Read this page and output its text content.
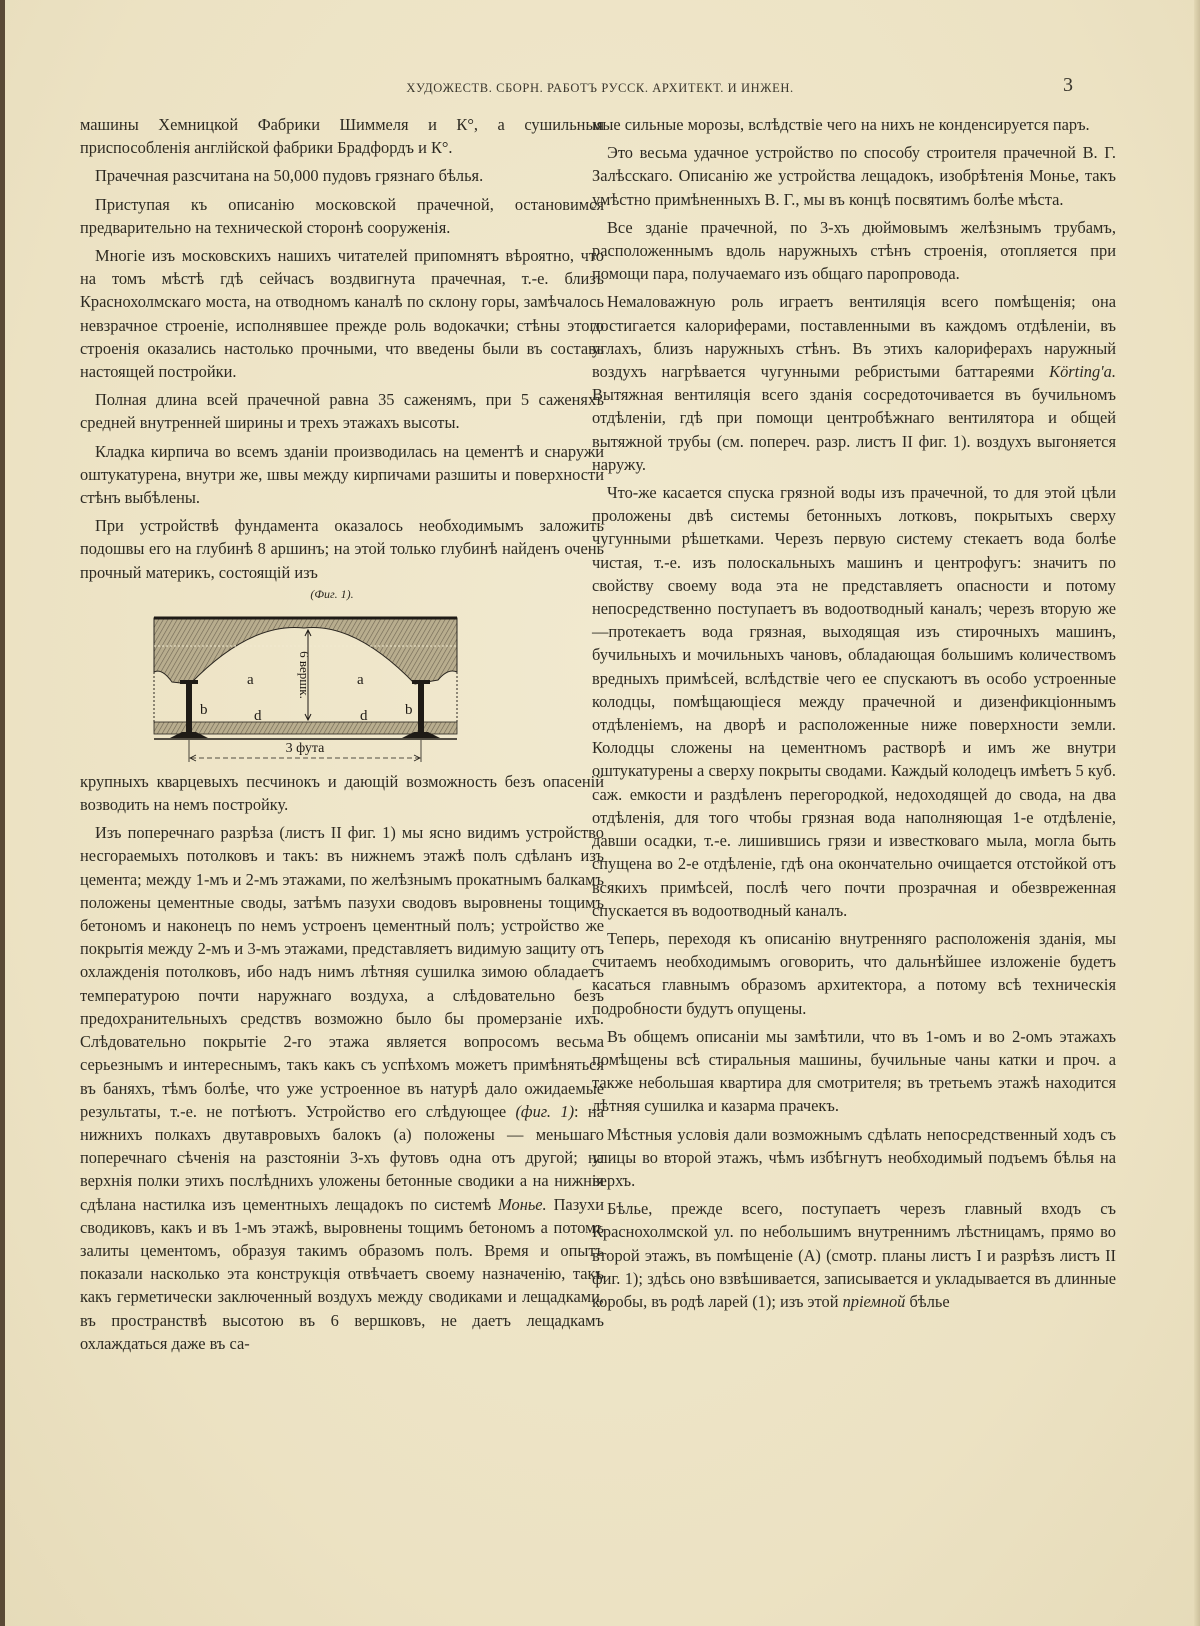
ХУДОЖЕСТВ. СБОРН. РАБОТЪ РУССК. АРХИТЕКТ. И ИНЖЕН.	3

машины Хемницкой Фабрики Шиммеля и К°, а сушильныя приспособленія англійской фабрики Брадфордъ и К°.

Прачечная разсчитана на 50,000 пудовъ грязнаго бѣлья.

Приступая къ описанію московской прачечной, остановимся предварительно на технической сторонѣ сооруженія.

Многіе изъ московскихъ нашихъ читателей припомнятъ вѣроятно, что на томъ мѣстѣ гдѣ сейчасъ воздвигнута прачечная, т.-е. близъ Краснохолмскаго моста, на отводномъ каналѣ по склону горы, замѣчалось невзрачное строеніе, исполнявшее прежде роль водокачки; стѣны этого строенія оказались настолько прочными, что введены были въ составъ настоящей постройки.

Полная длина всей прачечной равна 35 саженямъ, при 5 саженяхъ средней внутренней ширины и трехъ этажахъ высоты.

Кладка кирпича во всемъ зданіи производилась на цементѣ и снаружи оштукатурена, внутри же, швы между кирпичами разшиты и поверхности стѣнъ выбѣлены.

При устройствѣ фундамента оказалось необходимымъ заложить подошвы его на глубинѣ 8 аршинъ; на этой только глубинѣ найденъ очень прочный материкъ, состоящій изъ

(Фиг. 1).
6 вершк.
a	a
b	b
d	d
3 фута

крупныхъ кварцевыхъ песчинокъ и дающій возможность безъ опасеній возводить на немъ постройку.

Изъ поперечнаго разрѣза (листъ II фиг. 1) мы ясно видимъ устройство несгораемыхъ потолковъ и такъ: въ нижнемъ этажѣ полъ сдѣланъ изъ цемента; между 1-мъ и 2-мъ этажами, по желѣзнымъ прокатнымъ балкамъ положены цементные своды, затѣмъ пазухи сводовъ выровнены тощимъ бетономъ и наконецъ по немъ устроенъ цементный полъ; устройство же покрытія между 2-мъ и 3-мъ этажами, представляетъ видимую защиту отъ охлажденія потолковъ, ибо надъ нимъ лѣтняя сушилка зимою обладаетъ температурою почти наружнаго воздуха, а слѣдовательно безъ предохранительныхъ средствъ возможно было бы промерзаніе ихъ. Слѣдовательно покрытіе 2-го этажа является вопросомъ весьма серьезнымъ и интереснымъ, такъ какъ съ успѣхомъ можетъ примѣняться въ баняхъ, тѣмъ болѣе, что уже устроенное въ натурѣ дало ожидаемые результаты, т.-е. не потѣютъ. Устройство его слѣдующее (фиг. 1): на нижнихъ полкахъ двутавровыхъ балокъ (а) положены — меньшаго поперечнаго сѣченія на разстояніи 3-хъ футовъ одна отъ другой; на верхнія полки этихъ послѣднихъ уложены бетонные сводики а на нижнія сдѣлана настилка изъ цементныхъ лещадокъ по системѣ Монье. Пазухи сводиковъ, какъ и въ 1-мъ этажѣ, выровнены тощимъ бетономъ а потомъ залиты цементомъ, образуя такимъ образомъ полъ. Время и опытъ показали насколько эта конструкція отвѣчаетъ своему назначенію, такъ какъ герметически заключенный воздухъ между сводиками и лещадками, въ пространствѣ высотою въ 6 вершковъ, не даетъ лещадкамъ охлаждаться даже въ са-

мые сильные морозы, вслѣдствіе чего на нихъ не конденсируется паръ.

Это весьма удачное устройство по способу строителя прачечной В. Г. Залѣсскаго. Описанію же устройства лещадокъ, изобрѣтенія Монье, такъ умѣстно примѣненныхъ В. Г., мы въ концѣ посвятимъ болѣе мѣста.

Все зданіе прачечной, по 3-хъ дюймовымъ желѣзнымъ трубамъ, расположеннымъ вдоль наружныхъ стѣнъ строенія, отопляется при помощи пара, получаемаго изъ общаго паропровода.

Немаловажную роль играетъ вентиляція всего помѣщенія; она достигается калориферами, поставленными въ каждомъ отдѣленіи, въ углахъ, близъ наружныхъ стѣнъ. Въ этихъ калориферахъ наружный воздухъ нагрѣвается чугунными ребристыми баттареями Körting'a. Вытяжная вентиляція всего зданія сосредоточивается въ бучильномъ отдѣленіи, гдѣ при помощи центробѣжнаго вентилятора и общей вытяжной трубы (см. попереч. разр. листъ II фиг. 1). воздухъ выгоняется наружу.

Что-же касается спуска грязной воды изъ прачечной, то для этой цѣли проложены двѣ системы бетонныхъ лотковъ, покрытыхъ сверху чугунными рѣшетками. Черезъ первую систему стекаетъ вода болѣе чистая, т.-е. изъ полоскальныхъ машинъ и центрофугъ: значитъ по свойству своему вода эта не представляетъ опасности и потому непосредственно поступаетъ въ водоотводный каналъ; черезъ вторую же—протекаетъ вода грязная, выходящая изъ стирочныхъ машинъ, бучильныхъ и мочильныхъ чановъ, обладающая большимъ количествомъ вредныхъ примѣсей, вслѣдствіе чего ее спускаютъ въ особо устроенные колодцы, помѣщающіеся между прачечной и дизенфикціоннымъ отдѣленіемъ, на дворѣ и расположенные ниже поверхности земли. Колодцы сложены на цементномъ растворѣ и имъ же внутри оштукатурены а сверху покрыты сводами. Каждый колодецъ имѣетъ 5 куб. саж. емкости и раздѣленъ перегородкой, недоходящей до свода, на два отдѣленія, для того чтобы грязная вода наполняющая 1-е отдѣленіе, давши осадки, т.-е. лишившись грязи и известковаго мыла, могла быть спущена во 2-е отдѣленіе, гдѣ она окончательно очищается отстойкой отъ всякихъ примѣсей, послѣ чего почти прозрачная и обезвреженная спускается въ водоотводный каналъ.

Теперь, переходя къ описанію внутренняго расположенія зданія, мы считаемъ необходимымъ оговорить, что дальнѣйшее изложеніе будетъ касаться главнымъ образомъ архитектора, а потому всѣ техническія подробности будутъ опущены.

Въ общемъ описаніи мы замѣтили, что въ 1-омъ и во 2-омъ этажахъ помѣщены всѣ стиральныя машины, бучильные чаны катки и проч. а также небольшая квартира для смотрителя; въ третьемъ этажѣ находится лѣтняя сушилка и казарма прачекъ.

Мѣстныя условія дали возможнымъ сдѣлать непосредственный ходъ съ улицы во второй этажъ, чѣмъ избѣгнутъ необходимый подъемъ бѣлья на верхъ.

Бѣлье, прежде всего, поступаетъ черезъ главный входъ съ Краснохолмской ул. по небольшимъ внутреннимъ лѣстницамъ, прямо во второй этажъ, въ помѣщеніе (А) (смотр. планы листъ I и разрѣзъ листъ II фиг. 1); здѣсь оно взвѣшивается, записывается и укладывается въ длинные коробы, въ родѣ ларей (1); изъ этой пріемной бѣлье
